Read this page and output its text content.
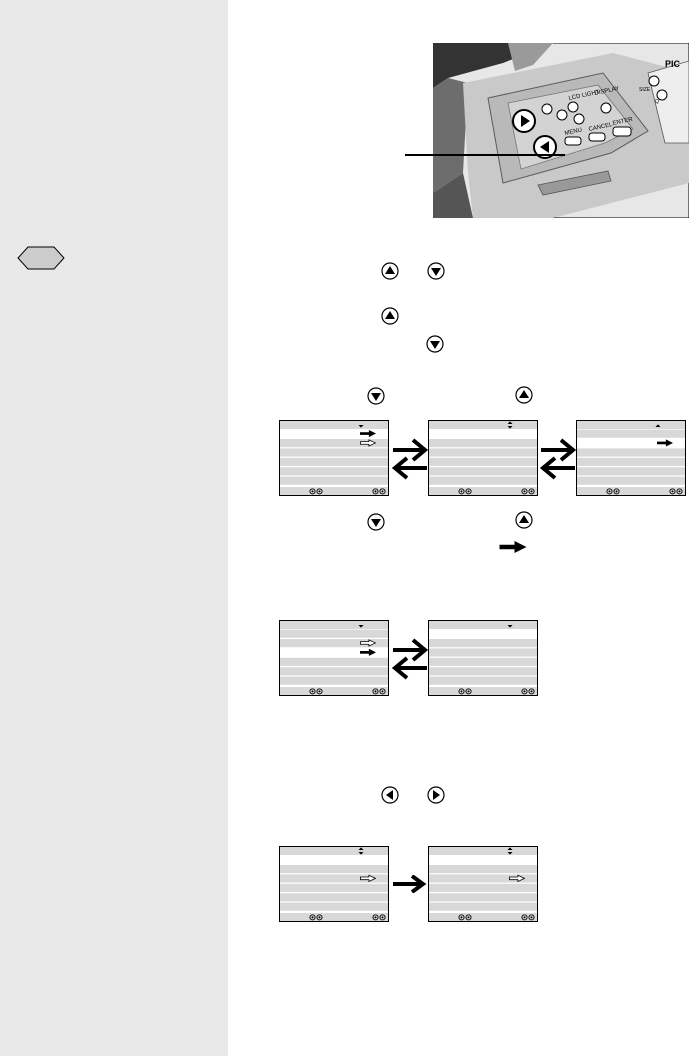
LCD LIGHT
DISPLAY
MENU CANCEL
ENTER
PIC
SIZE
Q
